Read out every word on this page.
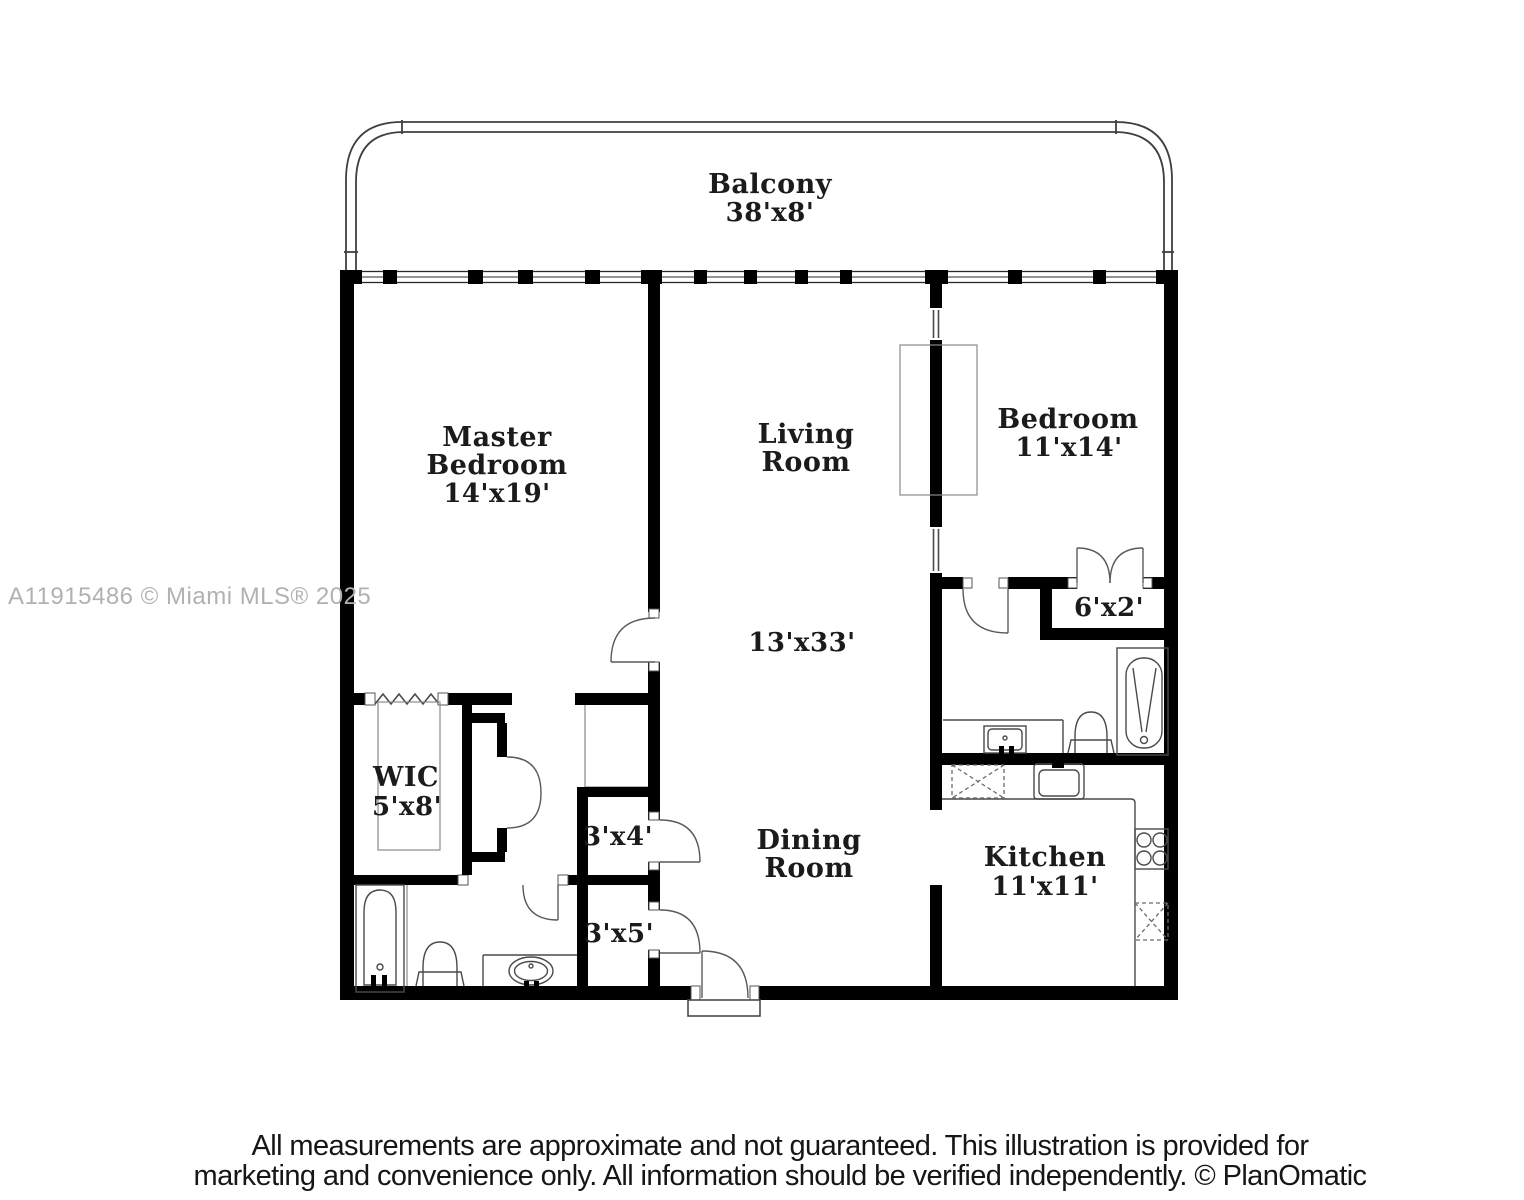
Balcony
38'x8'
Master
Bedroom
14'x19'
Living
Room
13'x33'
Bedroom
11'x14'
6'x2'
WIC
5'x8'
3'x4'
3'x5'
Dining
Room	Kitchen
11'x11'
A11915486 © Miami MLS® 2025
All measurements are approximate and not guaranteed. This illustration is provided for
marketing and convenience only. All information should be verified independently. © PlanOmatic
